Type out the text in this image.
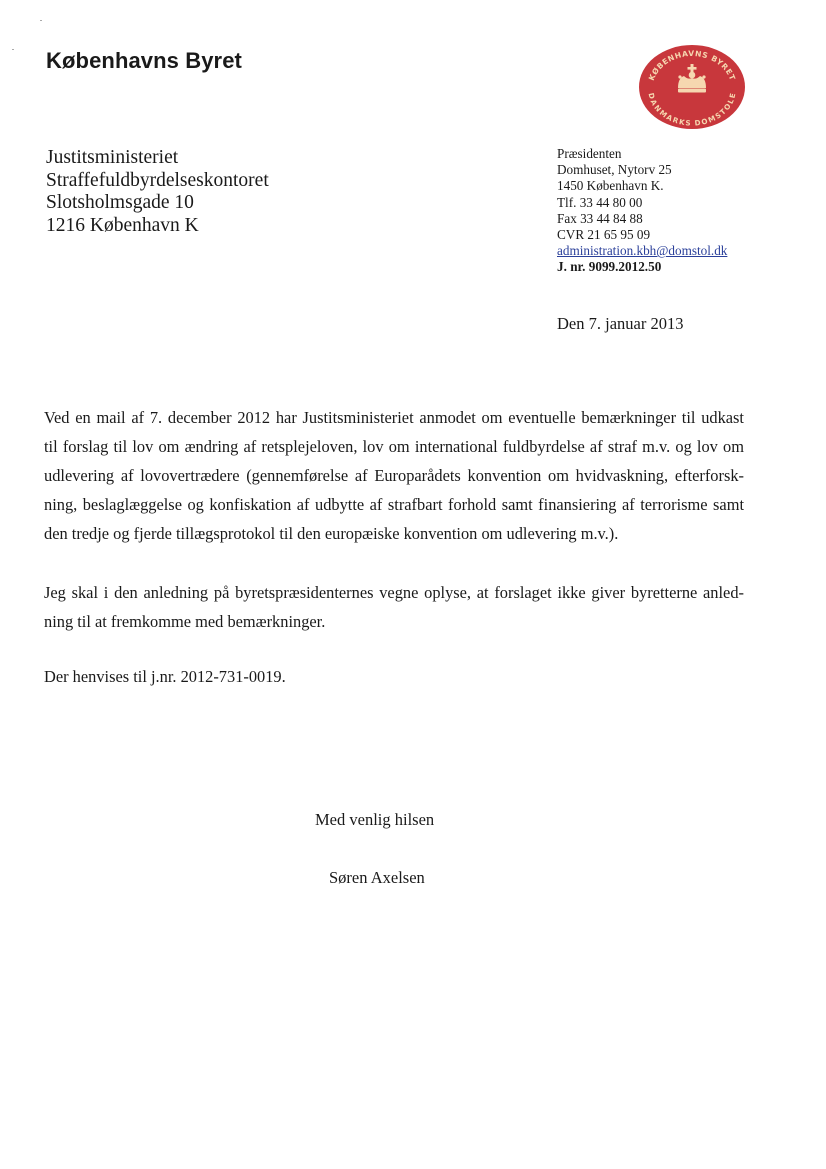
Københavns Byret
KØBENHAVNS BYRET
DANMARKS DOMSTOLE
Justitsministeriet
Straffefuldbyrdelseskontoret
Slotsholmsgade 10
1216 København K
Præsidenten
Domhuset, Nytorv 25
1450 København K.
Tlf. 33 44 80 00
Fax 33 44 84 88
CVR 21 65 95 09
administration.kbh@domstol.dk
J. nr. 9099.2012.50
Den 7. januar 2013
Ved en mail af 7. december 2012 har Justitsministeriet anmodet om eventuelle bemærkninger til udkast
til forslag til lov om ændring af retsplejeloven, lov om international fuldbyrdelse af straf m.v. og lov om
udlevering af lovovertrædere (gennemførelse af Europarådets konvention om hvidvaskning, efterforsk-
ning, beslaglæggelse og konfiskation af udbytte af strafbart forhold samt finansiering af terrorisme samt
den tredje og fjerde tillægsprotokol til den europæiske konvention om udlevering m.v.).
Jeg skal i den anledning på byretspræsidenternes vegne oplyse, at forslaget ikke giver byretterne anled-
ning til at fremkomme med bemærkninger.
Der henvises til j.nr. 2012-731-0019.
Med venlig hilsen
Søren Axelsen
